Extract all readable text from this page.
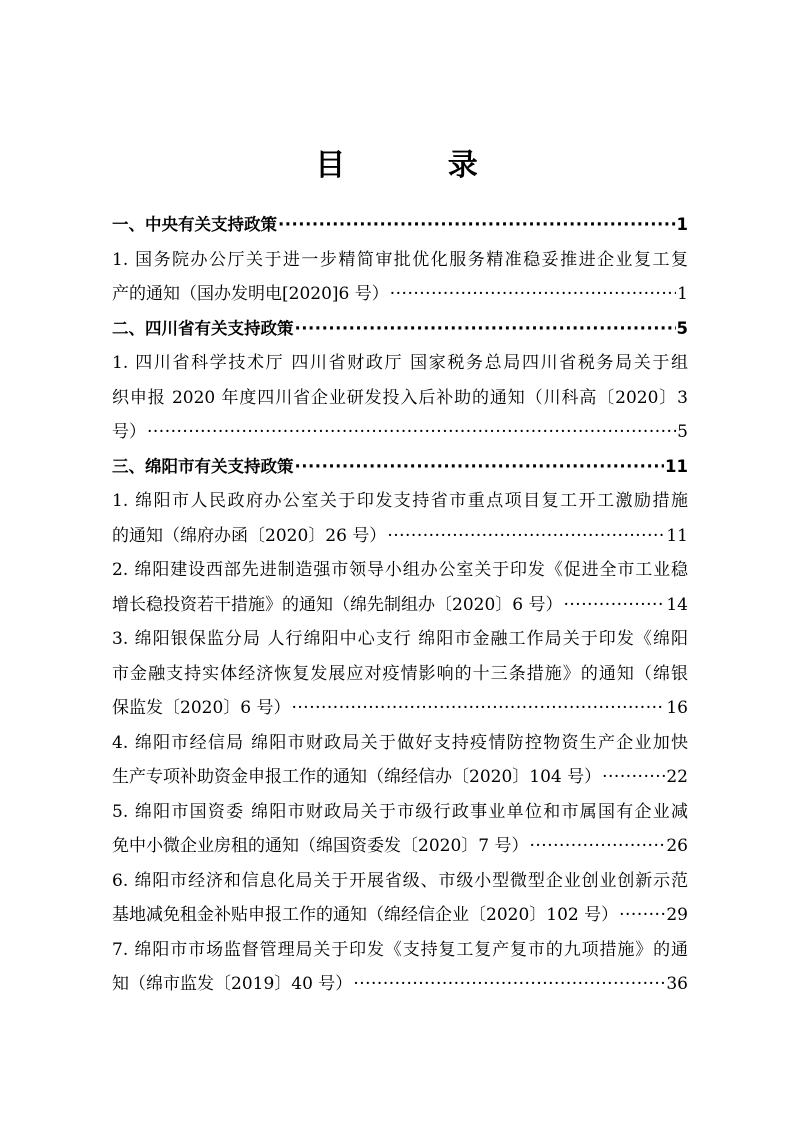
目 录
一、中央有关支持政策 ·····	1
1. 国务院办公厅关于进一步精简审批优化服务精准稳妥推进企业复工复
产的通知（国办发明电[2020]6 号） ·····	1
二、四川省有关支持政策 ·····	5
1. 四川省科学技术厅 四川省财政厅 国家税务总局四川省税务局关于组
织申报 2020 年度四川省企业研发投入后补助的通知（川科高〔2020〕3
号） ·····	5
三、绵阳市有关支持政策 ·····	11
1. 绵阳市人民政府办公室关于印发支持省市重点项目复工开工激励措施
的通知（绵府办函〔2020〕26 号） ·····	11
2. 绵阳建设西部先进制造强市领导小组办公室关于印发《促进全市工业稳
增长稳投资若干措施》的通知（绵先制组办〔2020〕6 号） ·····	14
3. 绵阳银保监分局 人行绵阳中心支行 绵阳市金融工作局关于印发《绵阳
市金融支持实体经济恢复发展应对疫情影响的十三条措施》的通知（绵银
保监发〔2020〕6 号） ·····	16
4. 绵阳市经信局 绵阳市财政局关于做好支持疫情防控物资生产企业加快
生产专项补助资金申报工作的通知（绵经信办〔2020〕104 号） ·····	22
5. 绵阳市国资委 绵阳市财政局关于市级行政事业单位和市属国有企业减
免中小微企业房租的通知（绵国资委发〔2020〕7 号） ·····	26
6. 绵阳市经济和信息化局关于开展省级、市级小型微型企业创业创新示范
基地减免租金补贴申报工作的通知（绵经信企业〔2020〕102 号） ·····	29
7. 绵阳市市场监督管理局关于印发《支持复工复产复市的九项措施》的通
知（绵市监发〔2019〕40 号） ·····	36
